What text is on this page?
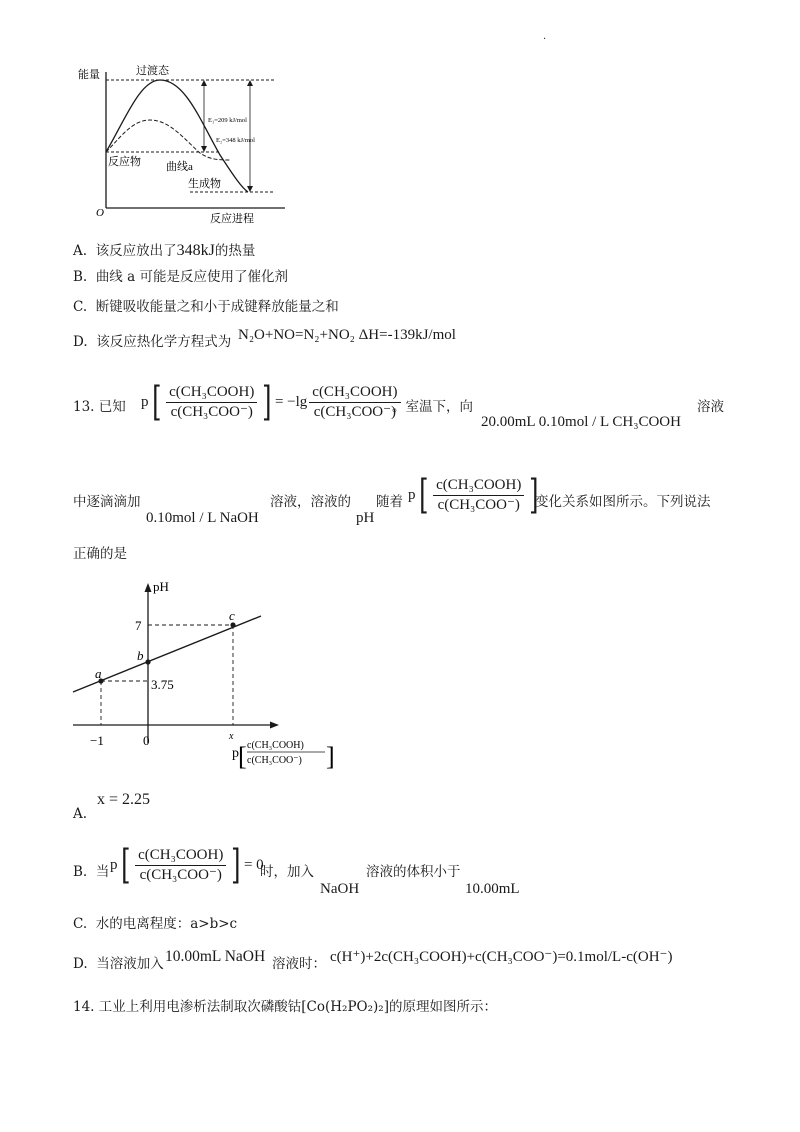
.
能量	过渡态
E₁=209 kJ/mol
E₂=348 kJ/mol
反应物 曲线a
生成物
O	反应进程
A. 该反应放出了348kJ的热量
B. 曲线 a 可能是反应使用了催化剂
C. 断键吸收能量之和小于成键释放能量之和
D. 该反应热化学方程式为 N₂O+NO=N₂+NO₂ ΔH=-139kJ/mol
13. 已知 p [ $\frac{\text{c(CH₃COOH)}}{\text{c(CH₃COO⁻)}}$ ] = $-\lg \frac{\text{c(CH₃COOH)}}{\text{c(CH₃COO⁻)}}$
。室温下，向
20.00mL 0.10mol / L CH₃COOH
溶液
中逐滴滴加
0.10mol / L NaOH
溶液，溶液的
pH
随着 p [ $\frac{\text{c(CH₃COOH)}}{\text{c(CH₃COO⁻)}}$ ]
变化关系如图所示。下列说法
正确的是
pH
7
3.75
a
b
c
−1	0	x
p [ c(CH₃COOH)
c(CH₃COO⁻) ]
x = 2.25
A.
B. 当 p [ $\frac{\text{c(CH₃COOH)}}{\text{c(CH₃COO⁻)}}$ ] = 0
时，加入
NaOH
溶液的体积小于
10.00mL
C. 水的电离程度：a>b>c
D. 当溶液加入 10.00mL NaOH 溶液时： c(H⁺)+2c(CH₃COOH)+c(CH₃COO⁻)=0.1mol/L-c(OH⁻)
14. 工业上利用电渗析法制取次磷酸钴[Co(H₂PO₂)₂]的原理如图所示：
